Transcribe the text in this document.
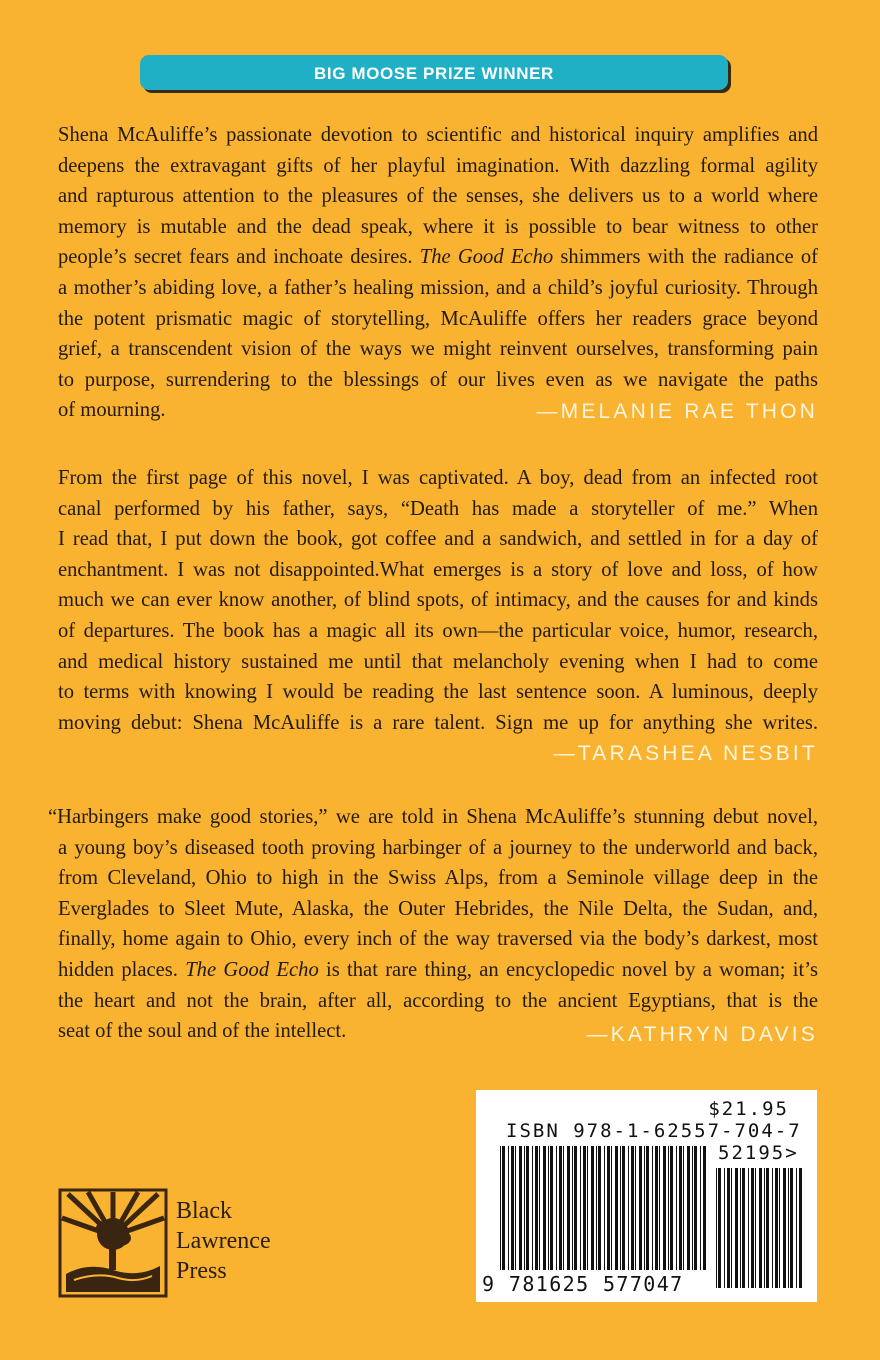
BIG MOOSE PRIZE WINNER
Shena McAuliffe’s passionate devotion to scientific and historical inquiry amplifies and
deepens the extravagant gifts of her playful imagination. With dazzling formal agility
and rapturous attention to the pleasures of the senses, she delivers us to a world where
memory is mutable and the dead speak, where it is possible to bear witness to other
people’s secret fears and inchoate desires. The Good Echo shimmers with the radiance of
a mother’s abiding love, a father’s healing mission, and a child’s joyful curiosity. Through
the potent prismatic magic of storytelling, McAuliffe offers her readers grace beyond
grief, a transcendent vision of the ways we might reinvent ourselves, transforming pain
to purpose, surrendering to the blessings of our lives even as we navigate the paths
of mourning.	—MELANIE RAE THON
From the first page of this novel, I was captivated. A boy, dead from an infected root
canal performed by his father, says, “Death has made a storyteller of me.” When
I read that, I put down the book, got coffee and a sandwich, and settled in for a day of
enchantment. I was not disappointed.What emerges is a story of love and loss, of how
much we can ever know another, of blind spots, of intimacy, and the causes for and kinds
of departures. The book has a magic all its own—the particular voice, humor, research,
and medical history sustained me until that melancholy evening when I had to come
to terms with knowing I would be reading the last sentence soon. A luminous, deeply
moving debut: Shena McAuliffe is a rare talent. Sign me up for anything she writes.
—TARASHEA NESBIT
“Harbingers make good stories,” we are told in Shena McAuliffe’s stunning debut novel,
a young boy’s diseased tooth proving harbinger of a journey to the underworld and back,
from Cleveland, Ohio to high in the Swiss Alps, from a Seminole village deep in the
Everglades to Sleet Mute, Alaska, the Outer Hebrides, the Nile Delta, the Sudan, and,
finally, home again to Ohio, every inch of the way traversed via the body’s darkest, most
hidden places. The Good Echo is that rare thing, an encyclopedic novel by a woman; it’s
the heart and not the brain, after all, according to the ancient Egyptians, that is the
seat of the soul and of the intellect.	—KATHRYN DAVIS
$21.95
ISBN 978-1-62557-704-7
52195>
9 781625 577047
Black
Lawrence
Press
